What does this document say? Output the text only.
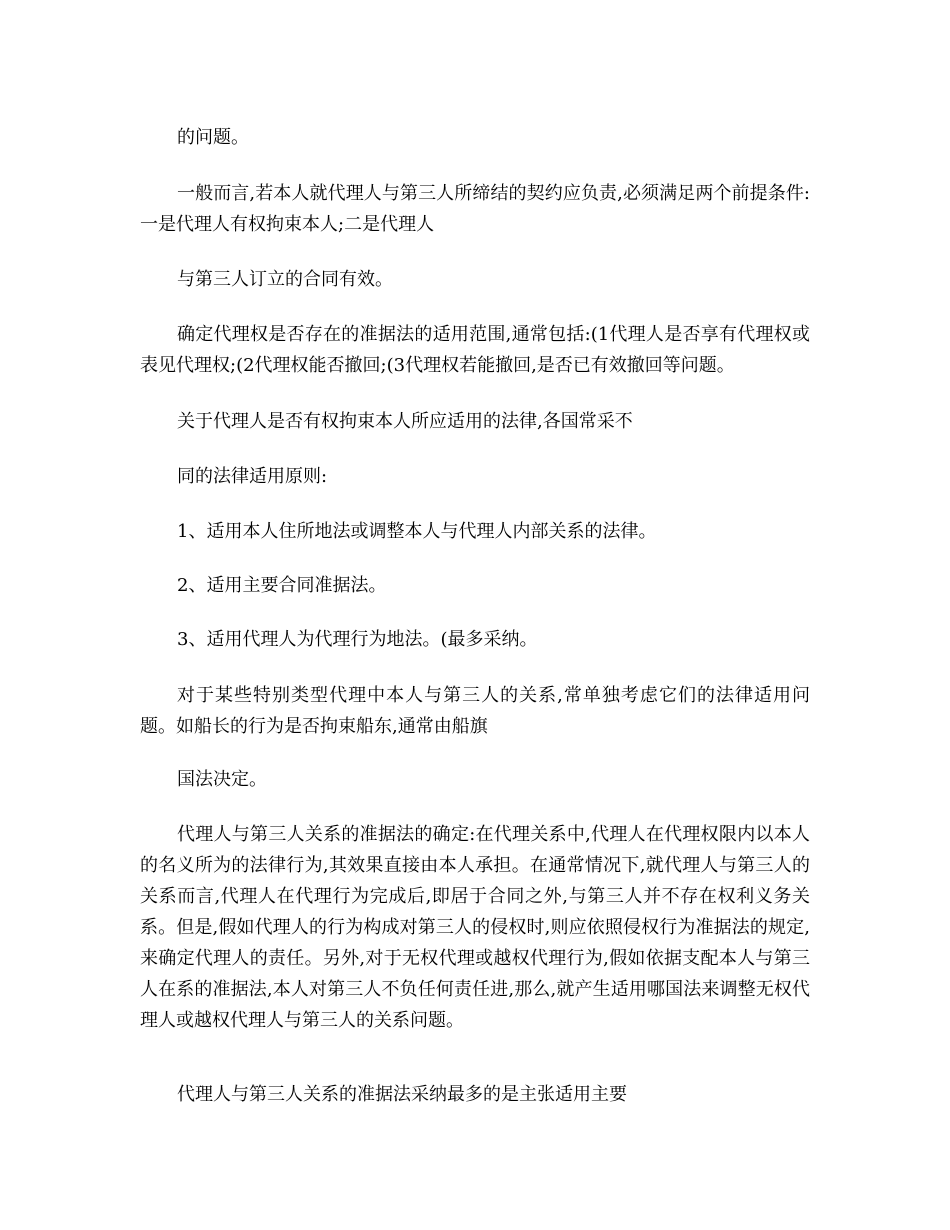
的问题。

一般而言,若本人就代理人与第三人所缔结的契约应负责,必须满足两个前提条件:一是代理人有权拘束本人;二是代理人

与第三人订立的合同有效。

确定代理权是否存在的准据法的适用范围,通常包括:(1代理人是否享有代理权或表见代理权;(2代理权能否撤回;(3代理权若能撤回,是否已有效撤回等问题。

关于代理人是否有权拘束本人所应适用的法律,各国常采不

同的法律适用原则:

1、适用本人住所地法或调整本人与代理人内部关系的法律。

2、适用主要合同准据法。

3、适用代理人为代理行为地法。(最多采纳。

对于某些特别类型代理中本人与第三人的关系,常单独考虑它们的法律适用问题。如船长的行为是否拘束船东,通常由船旗

国法决定。

代理人与第三人关系的准据法的确定:在代理关系中,代理人在代理权限内以本人的名义所为的法律行为,其效果直接由本人承担。在通常情况下,就代理人与第三人的关系而言,代理人在代理行为完成后,即居于合同之外,与第三人并不存在权利义务关系。但是,假如代理人的行为构成对第三人的侵权时,则应依照侵权行为准据法的规定,来确定代理人的责任。另外,对于无权代理或越权代理行为,假如依据支配本人与第三人在系的准据法,本人对第三人不负任何责任进,那么,就产生适用哪国法来调整无权代理人或越权代理人与第三人的关系问题。

代理人与第三人关系的准据法采纳最多的是主张适用主要
